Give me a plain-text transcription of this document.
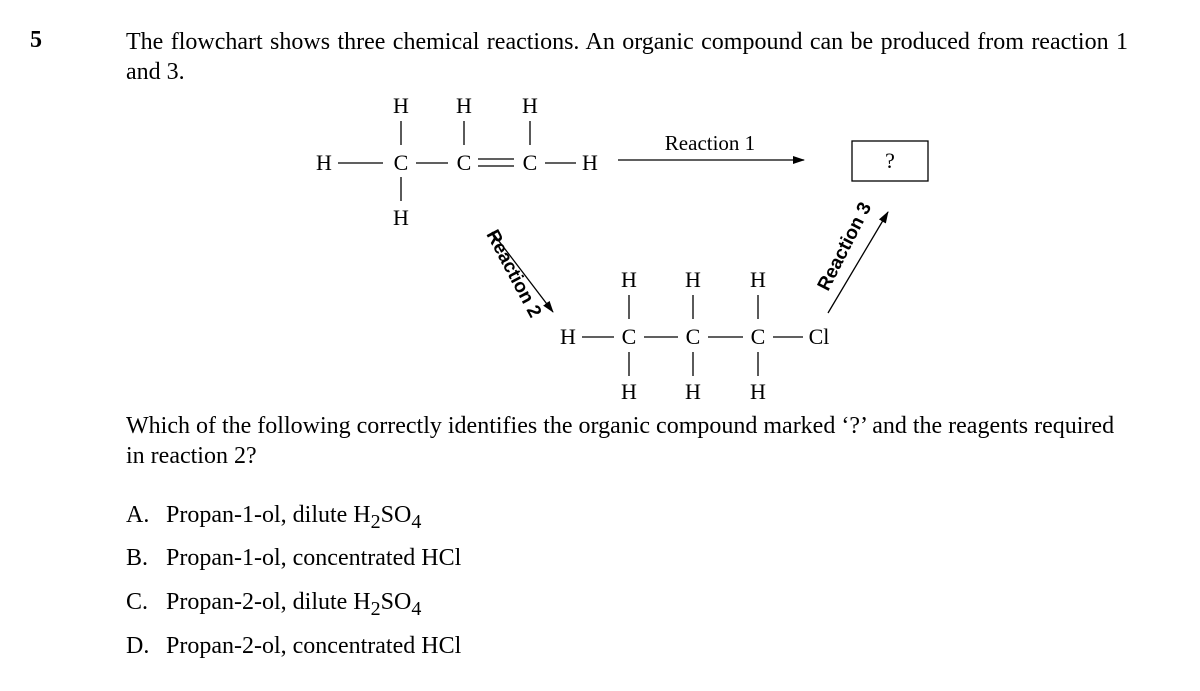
5	The flowchart shows three chemical reactions. An organic compound can be produced from reaction 1 and 3.
H H H
H	C C C H
H
Reaction 1
?
Reaction 2	Reaction 3
H H H
H C C C Cl
H H H
Which of the following correctly identifies the organic compound marked ‘?’ and the reagents required in reaction 2?
A. Propan-1-ol, dilute $H_2SO_4$
B. Propan-1-ol, concentrated HCl
C. Propan-2-ol, dilute $H_2SO_4$
D. Propan-2-ol, concentrated HCl
